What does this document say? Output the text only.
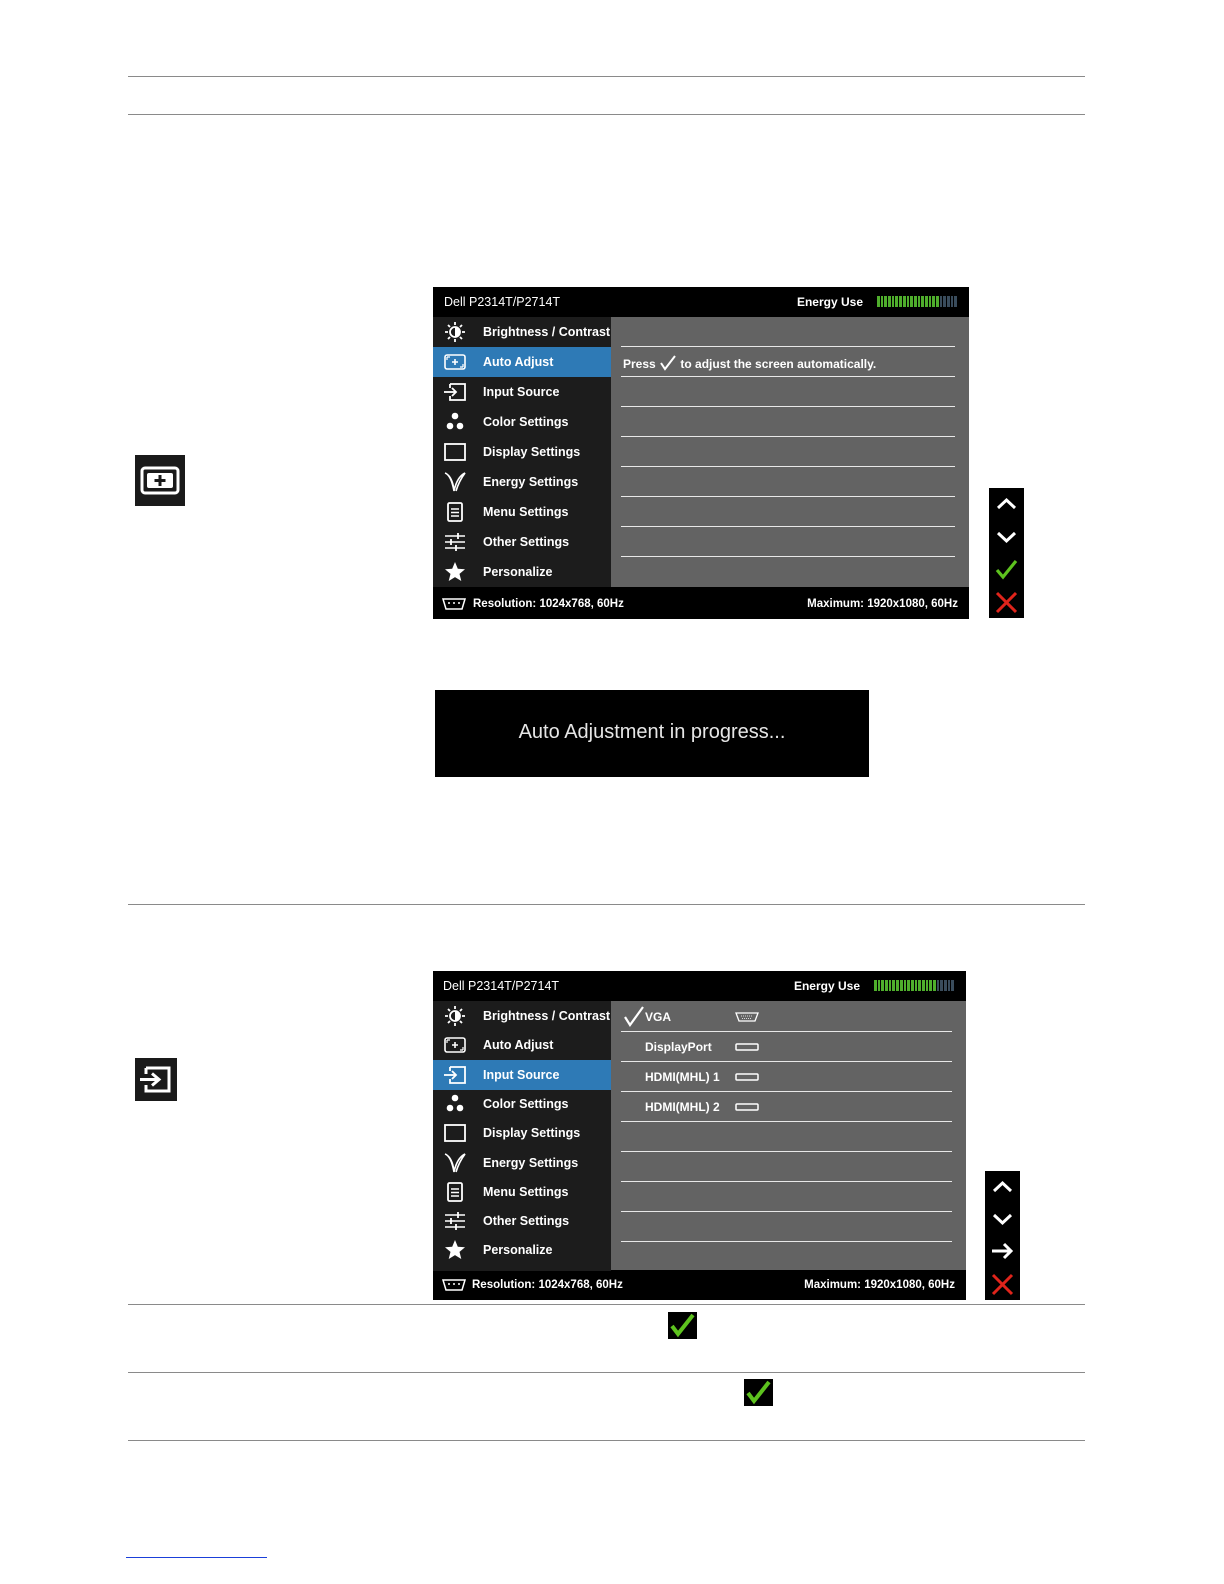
Dell P2314T/P2714T	Energy Use
Brightness / Contrast
Auto Adjust
Input Source
Color Settings
Display Settings
Energy Settings
Menu Settings
Other Settings
Personalize
Press to adjust the screen automatically.
Resolution: 1024x768, 60Hz	Maximum: 1920x1080, 60Hz
Auto Adjustment in progress...
Dell P2314T/P2714T	Energy Use
Brightness / Contrast
Auto Adjust
Input Source
Color Settings
Display Settings
Energy Settings
Menu Settings
Other Settings
Personalize
VGA
DisplayPort
HDMI(MHL) 1
HDMI(MHL) 2
Resolution: 1024x768, 60Hz	Maximum: 1920x1080, 60Hz
